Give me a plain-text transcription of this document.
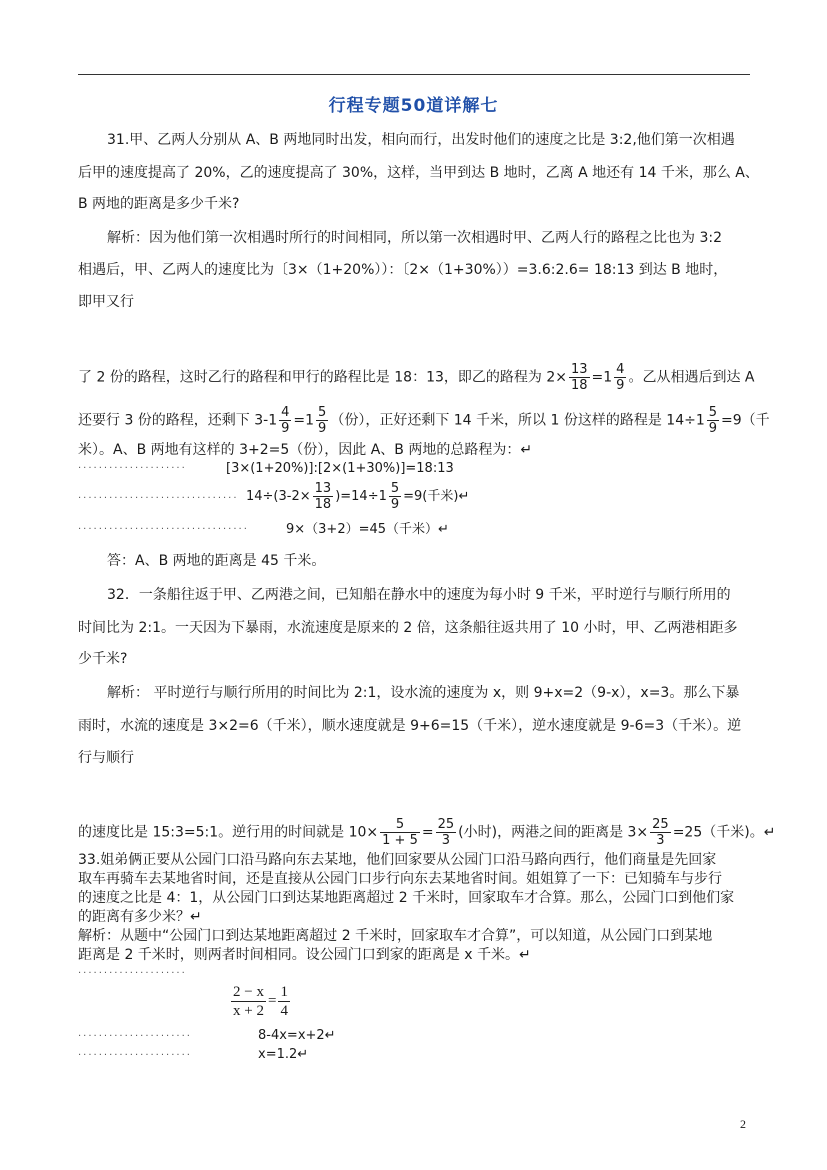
行程专题50道详解七
31.甲、乙两人分别从 A、B 两地同时出发，相向而行，出发时他们的速度之比是 3:2,他们第一次相遇
后甲的速度提高了 20%，乙的速度提高了 30%，这样，当甲到达 B 地时，乙离 A 地还有 14 千米，那么 A、
B 两地的距离是多少千米?
解析：因为他们第一次相遇时所行的时间相同，所以第一次相遇时甲、乙两人行的路程之比也为 3:2
相遇后，甲、乙两人的速度比为〔3×（1+20%））：〔2×（1+30%））=3.6:2.6= 18:13 到达 B 地时，
即甲又行
了 2 份的路程，这时乙行的路程和甲行的路程比是 18：13，即乙的路程为 $2\times \frac{13}{18} =1 \frac{4}{9}$ 。乙从相遇后到达 A
还要行 3 份的路程，还剩下 $3-1 \frac{4}{9} =1 \frac{5}{9}$ （份），正好还剩下 14 千米，所以 1 份这样的路程是 $14\div 1 \frac{5}{9} =9$（千
米）。A、B 两地有这样的 3+2=5（份），因此 A、B 两地的总路程为：↵
·····················	[3×(1+20%)]:[2×(1+30%)]=18:13
······························· $14\div(3-2\times \frac{13}{18} )=14\div 1 \frac{5}{9} =9$(千米)↵
·································	9×（3+2）=45（千米）↵
答：A、B 两地的距离是 45 千米。
32．一条船往返于甲、乙两港之间，已知船在静水中的速度为每小时 9 千米，平时逆行与顺行所用的
时间比为 2:1。一天因为下暴雨，水流速度是原来的 2 倍，这条船往返共用了 10 小时，甲、乙两港相距多
少千米?
解析： 平时逆行与顺行所用的时间比为 2:1，设水流的速度为 x，则 9+x=2（9-x），x=3。那么下暴
雨时，水流的速度是 3×2=6（千米），顺水速度就是 9+6=15（千米），逆水速度就是 9-6=3（千米）。逆
行与顺行
的速度比是 15:3=5:1。逆行用的时间就是 $10\times \frac{5}{1 + 5} = \frac{25}{3}$ (小时)，两港之间的距离是 $3\times \frac{25}{3} =25$（千米)。↵
33.姐弟俩正要从公园门口沿马路向东去某地，他们回家要从公园门口沿马路向西行，他们商量是先回家
取车再骑车去某地省时间，还是直接从公园门口步行向东去某地省时间。姐姐算了一下：已知骑车与步行
的速度之比是 4：1，从公园门口到达某地距离超过 2 千米时，回家取车才合算。那么，公园门口到他们家
的距离有多少米？↵
解析：从题中“公园门口到达某地距离超过 2 千米时，回家取车才合算”，可以知道，从公园门口到某地
距离是 2 千米时，则两者时间相同。设公园门口到家的距离是 x 千米。↵
·····················
$\frac{2 - x}{x + 2} = \frac{1}{4}$
······················	8-4x=x+2↵
······················	x=1.2↵
2
